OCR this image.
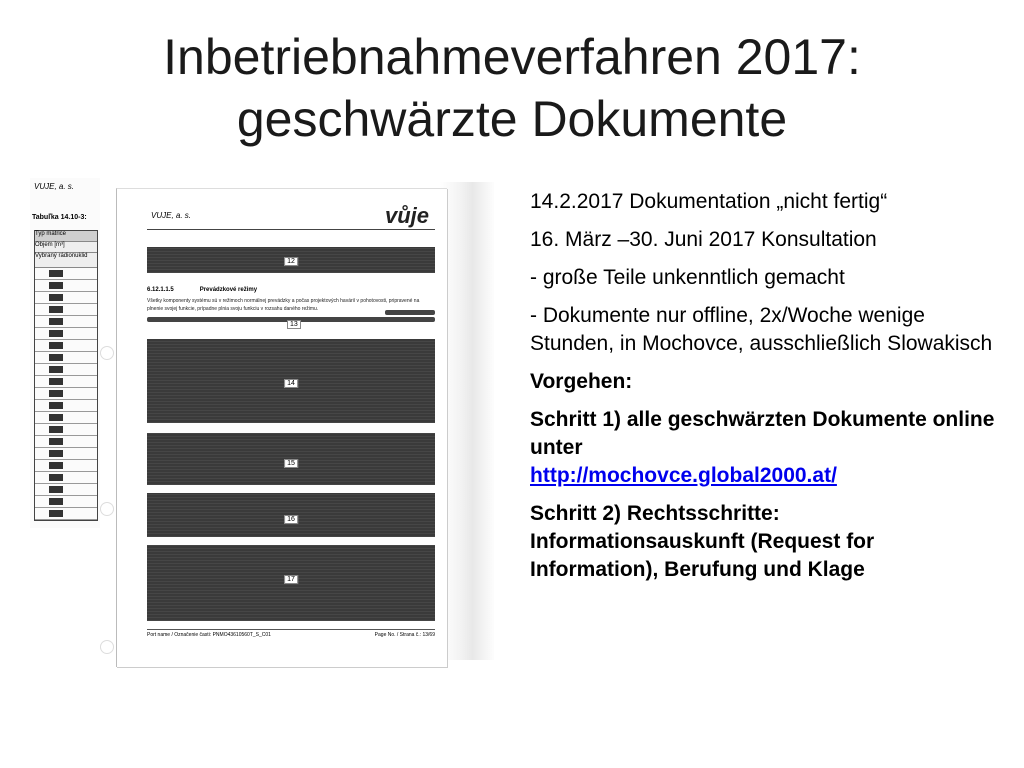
Inbetriebnahmeverfahren 2017:
geschwärzte Dokumente
VUJE, a. s.
Tabuľka 14.10-3:
Typ matrice
Objem [m³]
Vybraný rádionuklid
VUJE, a. s.	vůje
12
6.12.1.1.5	Prevádzkové režimy
Všetky komponenty systému sú v režimoch normálnej prevádzky a počas projektových havárií v pohotovosti, pripravené na plnenie svojej funkcie, prípadne plnia svoju funkciu v rozsahu daného režimu.
13
14
15
16
17
Port name / Označenie časti: PNMO43610560T_S_C01	Page No. / Strana č.: 13/69

14.2.2017 Dokumentation „nicht fertig“

16. März –30. Juni 2017 Konsultation

- große Teile unkenntlich gemacht

- Dokumente nur offline, 2x/Woche wenige Stunden, in Mochovce, ausschließlich Slowakisch

Vorgehen:

Schritt 1) alle geschwärzten Dokumente online unter
http://mochovce.global2000.at/

Schritt 2) Rechtsschritte: Informationsauskunft (Request for Information), Berufung und Klage
